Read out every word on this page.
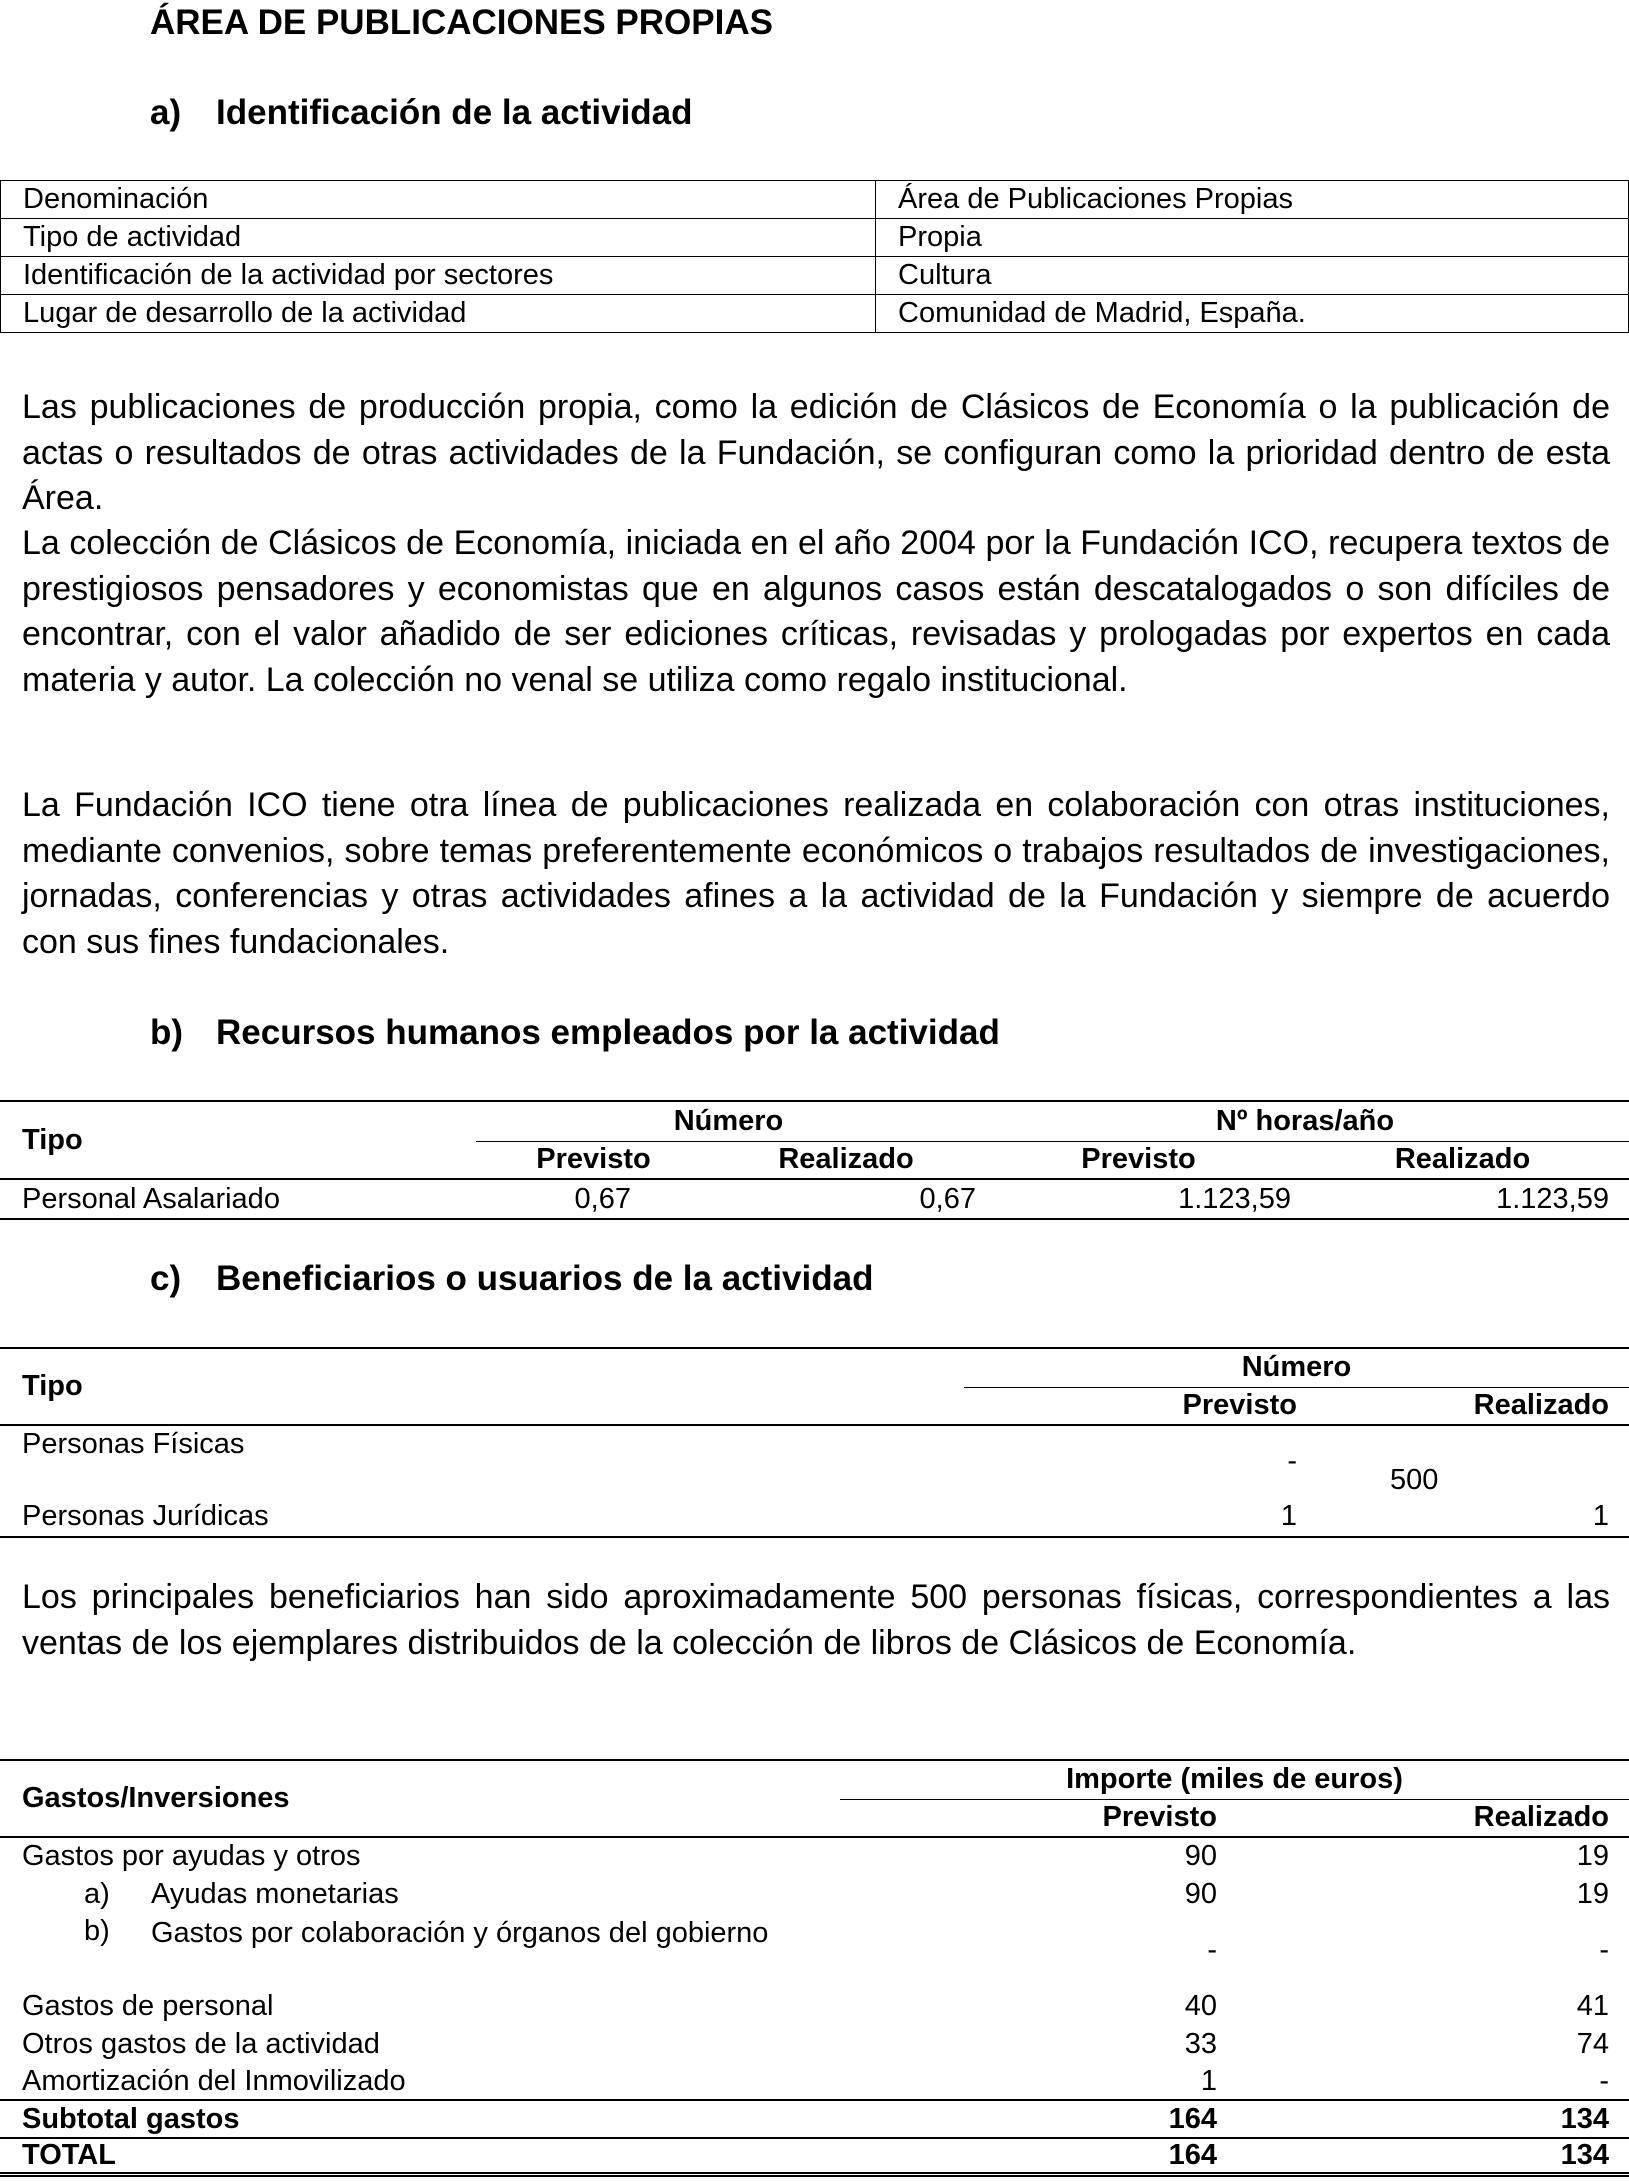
ÁREA DE PUBLICACIONES PROPIAS
a) Identificación de la actividad
Denominación	Área de Publicaciones Propias
Tipo de actividad	Propia
Identificación de la actividad por sectores	Cultura
Lugar de desarrollo de la actividad	Comunidad de Madrid, España.

Las publicaciones de producción propia, como la edición de Clásicos de Economía o la publicación de actas o resultados de otras actividades de la Fundación, se configuran como la prioridad dentro de esta Área.

La colección de Clásicos de Economía, iniciada en el año 2004 por la Fundación ICO, recupera textos de prestigiosos pensadores y economistas que en algunos casos están descatalogados o son difíciles de encontrar, con el valor añadido de ser ediciones críticas, revisadas y prologadas por expertos en cada materia y autor. La colección no venal se utiliza como regalo institucional.

La Fundación ICO tiene otra línea de publicaciones realizada en colaboración con otras instituciones, mediante convenios, sobre temas preferentemente económicos o trabajos resultados de investigaciones, jornadas, conferencias y otras actividades afines a la actividad de la Fundación y siempre de acuerdo con sus fines fundacionales.

b) Recursos humanos empleados por la actividad
Tipo	Número		Nº horas/año	
	Previsto	Realizado	Previsto	Realizado
Personal Asalariado	0,67	0,67	1.123,59	1.123,59
c) Beneficiarios o usuarios de la actividad
Tipo	Número	
	Previsto	Realizado
Personas Físicas	-	500
Personas Jurídicas	1	1

Los principales beneficiarios han sido aproximadamente 500 personas físicas, correspondientes a las ventas de los ejemplares distribuidos de la colección de libros de Clásicos de Economía.

Gastos/Inversiones	Importe (miles de euros)	
	Previsto	Realizado
Gastos por ayudas y otros	90	19
a) Ayudas monetarias	90	19

b) Gastos por colaboración y órganos del gobierno	-	-
Gastos de personal	40	41
Otros gastos de la actividad	33	74
Amortización del Inmovilizado	1	-
Subtotal gastos	164	134
TOTAL	164	134
